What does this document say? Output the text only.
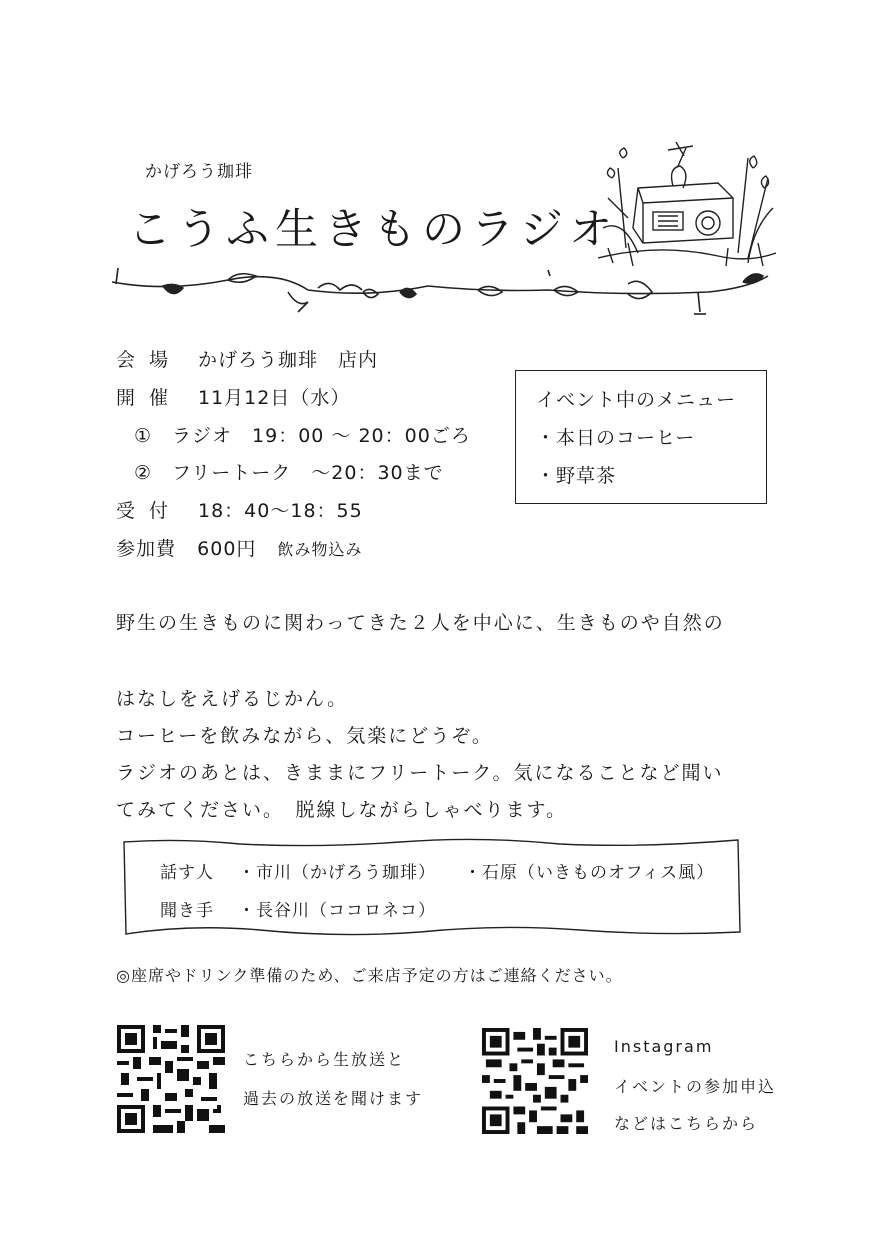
かげろう珈琲
こうふ生きものラジオ
会場 かげろう珈琲　店内
開催 11月12日（水）
①　ラジオ　19：00 〜 20：00ごろ
②　フリートーク　〜20：30まで
受付 18：40〜18：55
参加費 600円 飲み物込み
イベント中のメニュー
・本日のコーヒー
・野草茶
野生の生きものに関わってきた２人を中心に、生きものや自然の
はなしをえげるじかん。
コーヒーを飲みながら、気楽にどうぞ。
ラジオのあとは、きままにフリートーク。気になることなど聞い
てみてください。　脱線しながらしゃべります。
話す人 ・市川（かげろう珈琲） ・石原（いきものオフィス風）
聞き手 ・長谷川（ココロネコ）
◎座席やドリンク準備のため、ご来店予定の方はご連絡ください。
こちらから生放送と
過去の放送を聞けます
Instagram
イベントの参加申込
などはこちらから
